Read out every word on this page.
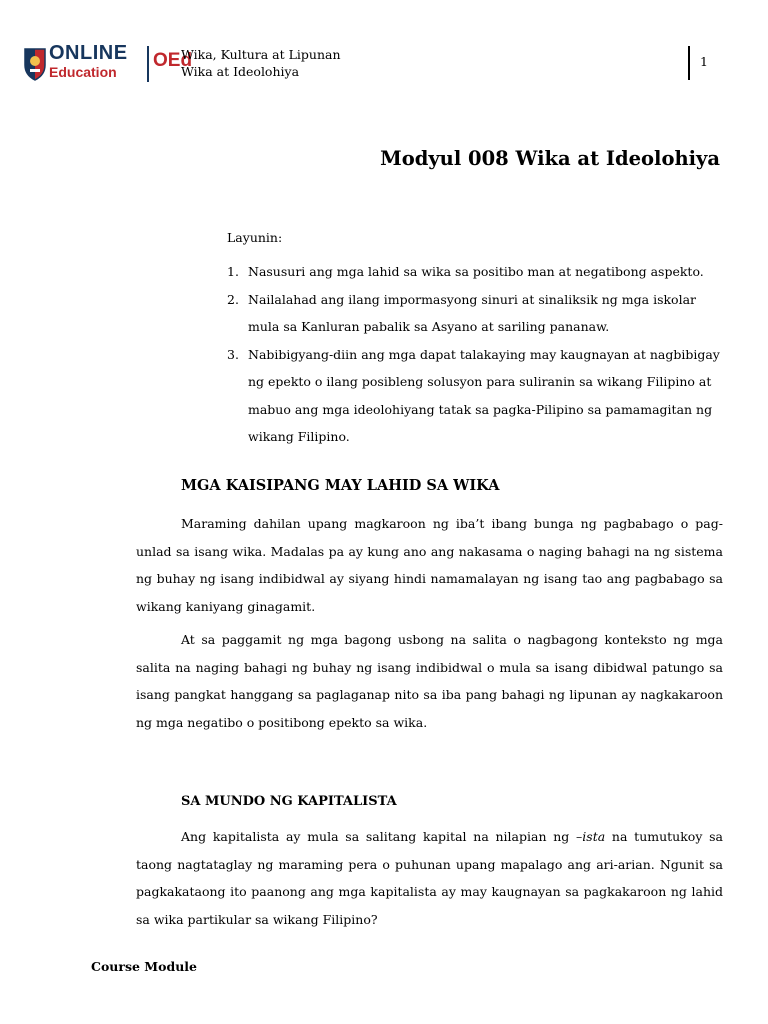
ONLINE
Education
OEd
Wika, Kultura at Lipunan
Wika at Ideolohiya
1
Modyul 008 Wika at Ideolohiya
Layunin:
1. Nasusuri ang mga lahid sa wika sa positibo man at negatibong aspekto.
2. Nailalahad ang ilang impormasyong sinuri at sinaliksik ng mga iskolar mula sa Kanluran pabalik sa Asyano at sariling pananaw.
3. Nabibigyang-diin ang mga dapat talakaying may kaugnayan at nagbibigay ng epekto o ilang posibleng solusyon para suliranin sa wikang Filipino at mabuo ang mga ideolohiyang tatak sa pagka-Pilipino sa pamamagitan ng wikang Filipino.
MGA KAISIPANG MAY LAHID SA WIKA
Maraming dahilan upang magkaroon ng iba’t ibang bunga ng pagbabago o pag-unlad sa isang wika. Madalas pa ay kung ano ang nakasama o naging bahagi na ng sistema ng buhay ng isang indibidwal ay siyang hindi namamalayan ng isang tao ang pagbabago sa wikang kaniyang ginagamit.
At sa paggamit ng mga bagong usbong na salita o nagbagong konteksto ng mga salita na naging bahagi ng buhay ng isang indibidwal o mula sa isang dibidwal patungo sa isang pangkat hanggang sa paglaganap nito sa iba pang bahagi ng lipunan ay nagkakaroon ng mga negatibo o positibong epekto sa wika.
SA MUNDO NG KAPITALISTA
Ang kapitalista ay mula sa salitang kapital na nilapian ng –ista na tumutukoy sa taong nagtataglay ng maraming pera o puhunan upang mapalago ang ari-arian. Ngunit sa pagkakataong ito paanong ang mga kapitalista ay may kaugnayan sa pagkakaroon ng lahid sa wika partikular sa wikang Filipino?
Course Module
